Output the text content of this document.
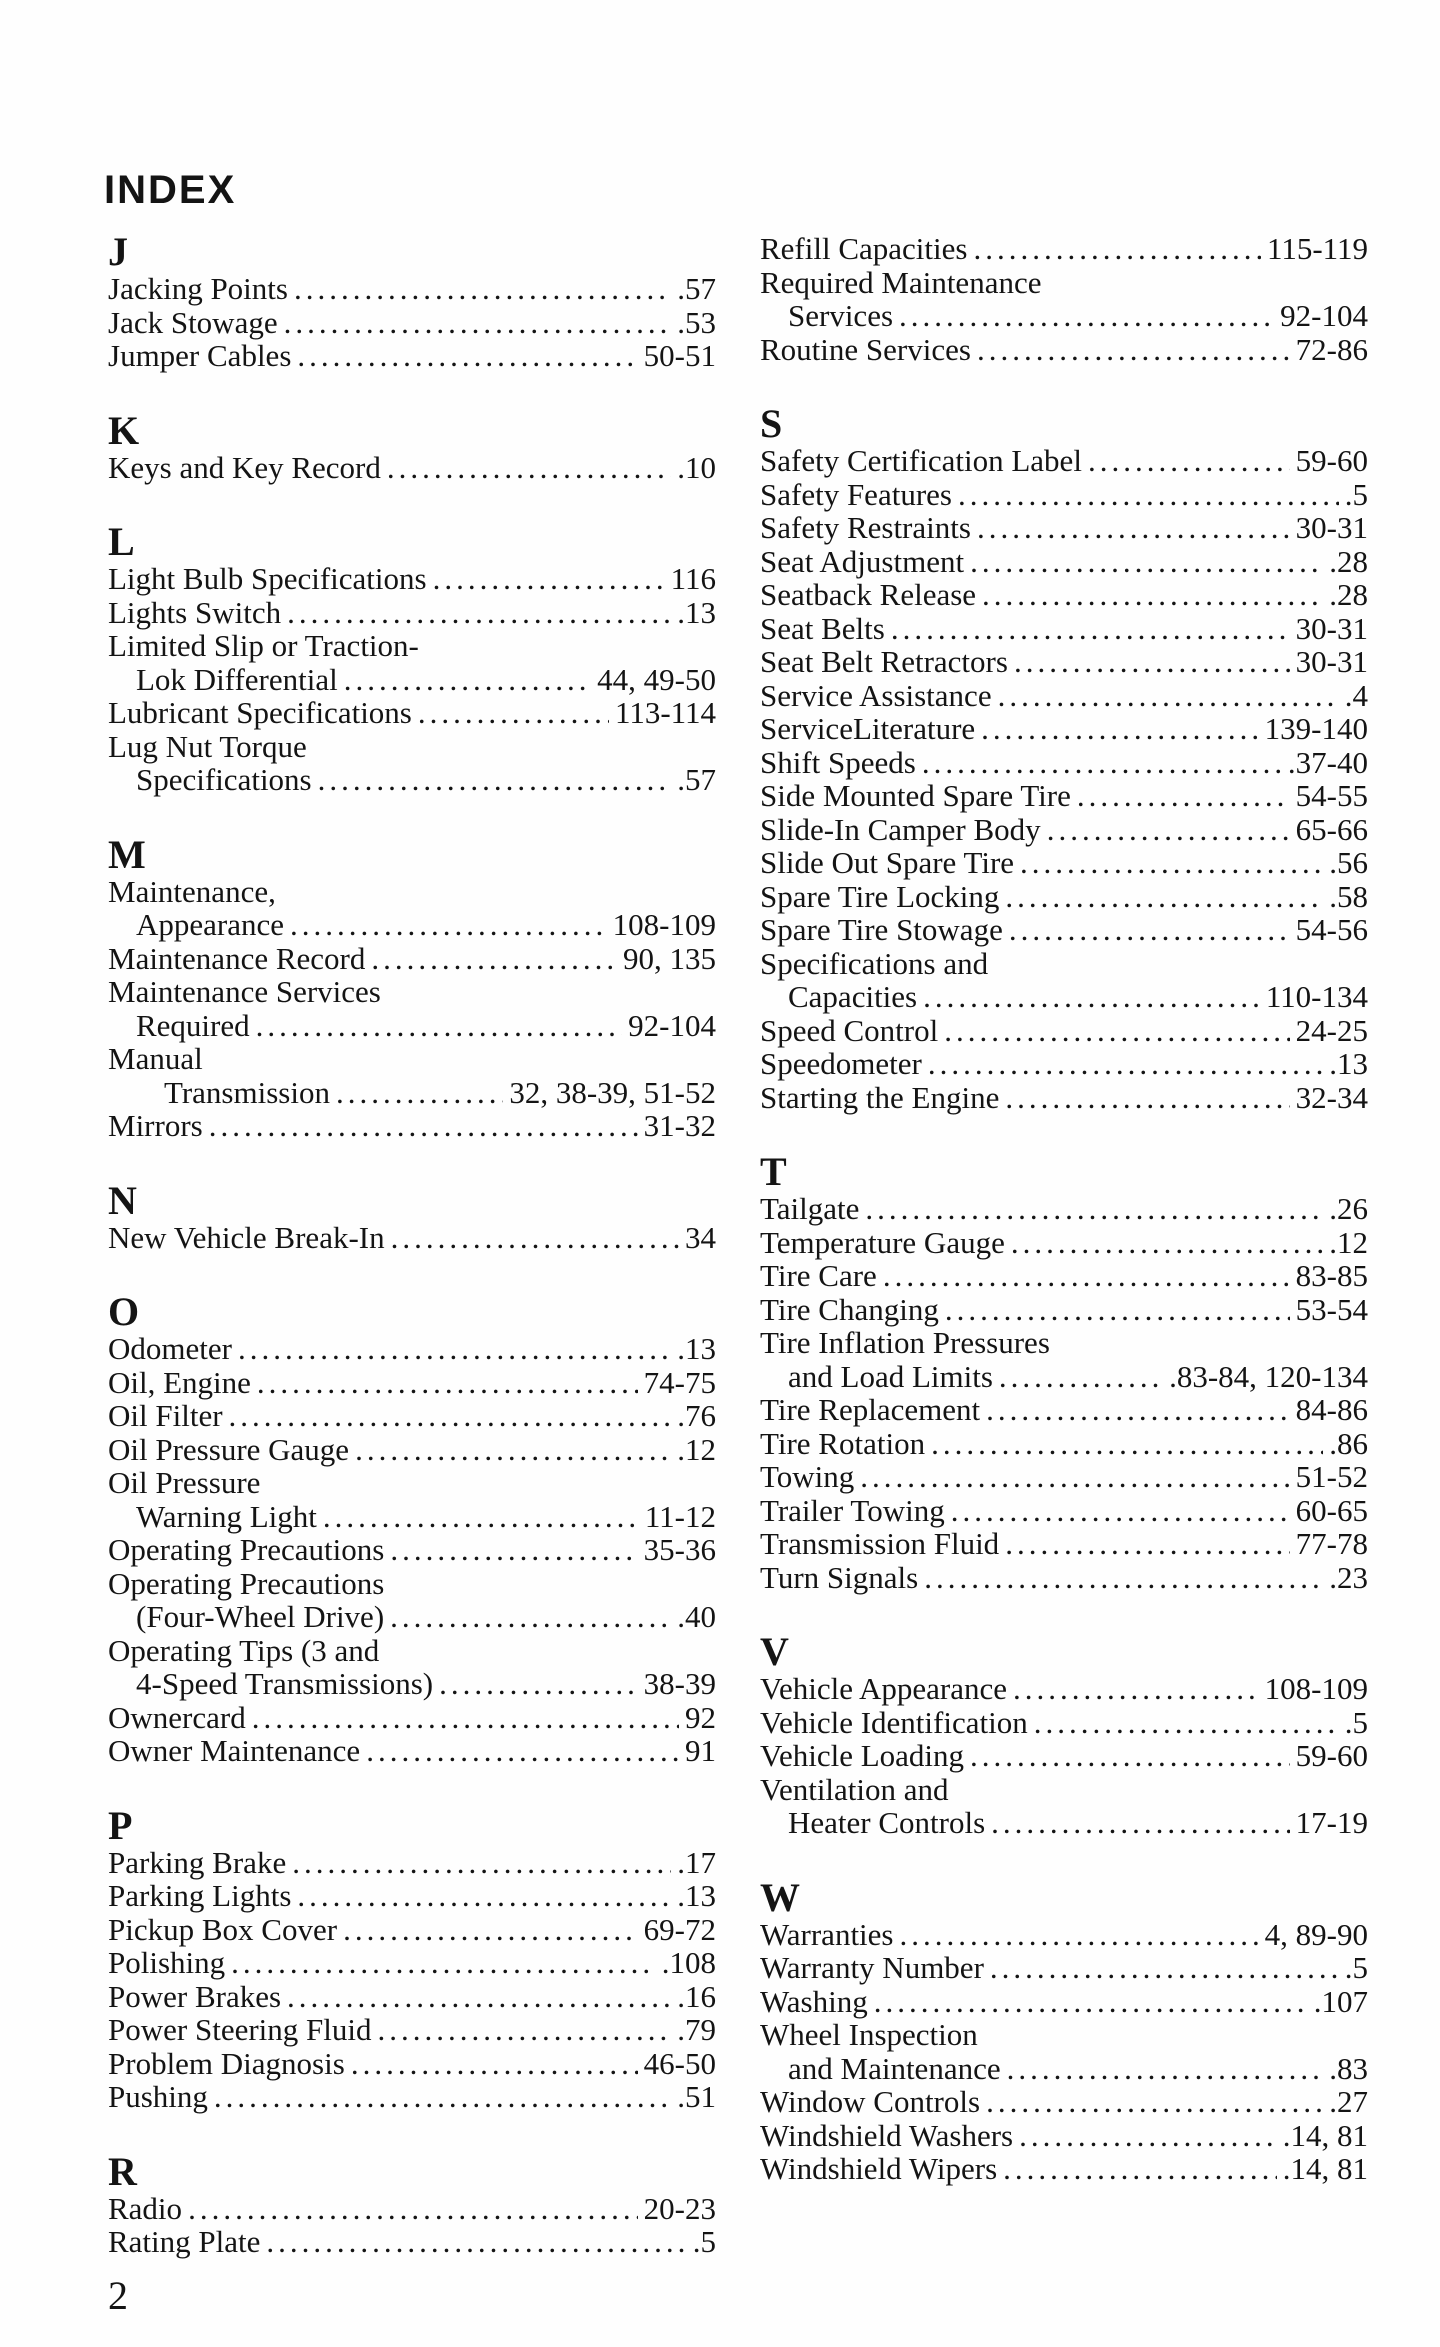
INDEX
J
Jacking Points .....	.57
Jack Stowage .....	.53
Jumper Cables .....	50-51
K
Keys and Key Record .....	.10
L
Light Bulb Specifications .....	116
Lights Switch .....	.13
Limited Slip or Traction-
Lok Differential .....	44, 49-50
Lubricant Specifications .....	113-114
Lug Nut Torque
Specifications .....	.57
M
Maintenance,
Appearance .....	108-109
Maintenance Record .....	90, 135
Maintenance Services
Required .....	92-104
Manual
Transmission .....	32, 38-39, 51-52
Mirrors .....	31-32
N
New Vehicle Break-In .....	34
O
Odometer .....	.13
Oil, Engine .....	74-75
Oil Filter .....	.76
Oil Pressure Gauge .....	.12
Oil Pressure
Warning Light .....	11-12
Operating Precautions .....	35-36
Operating Precautions
(Four-Wheel Drive) .....	.40
Operating Tips (3 and
4-Speed Transmissions) .....	38-39
Ownercard .....	92
Owner Maintenance .....	91
P
Parking Brake .....	.17
Parking Lights .....	.13
Pickup Box Cover .....	69-72
Polishing .....	.108
Power Brakes .....	.16
Power Steering Fluid .....	.79
Problem Diagnosis .....	46-50
Pushing .....	.51
R
Radio .....	20-23
Rating Plate .....	.5
Refill Capacities .....	115-119
Required Maintenance
Services .....	92-104
Routine Services .....	72-86
S
Safety Certification Label .....	59-60
Safety Features .....	.5
Safety Restraints .....	30-31
Seat Adjustment .....	.28
Seatback Release .....	.28
Seat Belts .....	30-31
Seat Belt Retractors .....	30-31
Service Assistance .....	.4
ServiceLiterature .....	139-140
Shift Speeds .....	.37-40
Side Mounted Spare Tire .....	54-55
Slide-In Camper Body .....	65-66
Slide Out Spare Tire .....	.56
Spare Tire Locking .....	.58
Spare Tire Stowage .....	54-56
Specifications and
Capacities .....	110-134
Speed Control .....	24-25
Speedometer .....	.13
Starting the Engine .....	32-34
T
Tailgate .....	.26
Temperature Gauge .....	.12
Tire Care .....	83-85
Tire Changing .....	53-54
Tire Inflation Pressures
and Load Limits .....	.83-84, 120-134
Tire Replacement .....	84-86
Tire Rotation .....	.86
Towing .....	51-52
Trailer Towing .....	60-65
Transmission Fluid .....	77-78
Turn Signals .....	.23
V
Vehicle Appearance .....	108-109
Vehicle Identification .....	.5
Vehicle Loading .....	59-60
Ventilation and
Heater Controls .....	17-19
W
Warranties .....	4, 89-90
Warranty Number .....	.5
Washing .....	.107
Wheel Inspection
and Maintenance .....	.83
Window Controls .....	.27
Windshield Washers .....	.14, 81
Windshield Wipers .....	.14, 81
2
